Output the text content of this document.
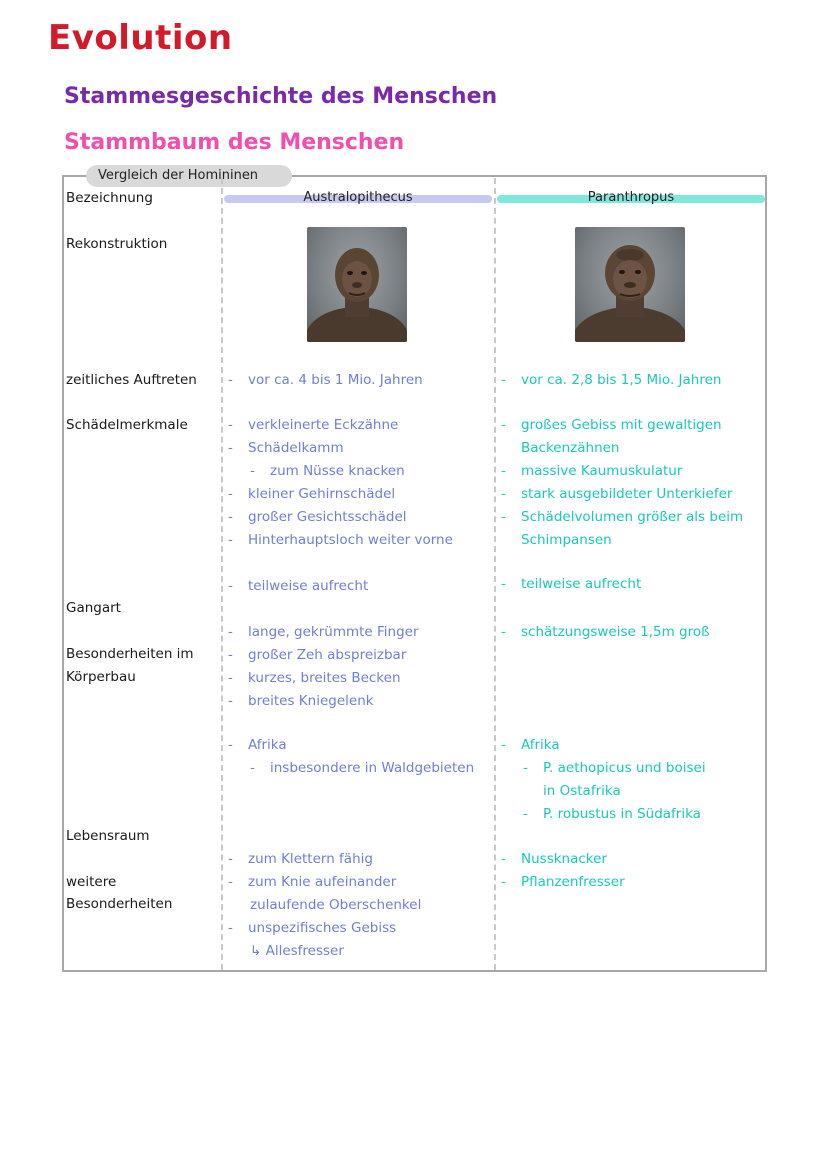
Evolution
Stammesgeschichte des Menschen
Stammbaum des Menschen
Vergleich der Homininen
Australopithecus	Paranthropus
Bezeichnung
Rekonstruktion
zeitliches Auftreten
Schädelmerkmale
Gangart
Besonderheiten im
Körperbau
Lebensraum
weitere
Besonderheiten
- vor ca. 4 bis 1 Mio. Jahren
- verkleinerte Eckzähne
- Schädelkamm
- zum Nüsse knacken
- kleiner Gehirnschädel
- großer Gesichtsschädel
- Hinterhauptsloch weiter vorne
- teilweise aufrecht
- lange, gekrümmte Finger
- großer Zeh abspreizbar
- kurzes, breites Becken
- breites Kniegelenk
- Afrika
- insbesondere in Waldgebieten
- zum Klettern fähig
- zum Knie aufeinander
zulaufende Oberschenkel
- unspezifisches Gebiss
↳ Allesfresser
- vor ca. 2,8 bis 1,5 Mio. Jahren
- großes Gebiss mit gewaltigen
Backenzähnen
- massive Kaumuskulatur
- stark ausgebildeter Unterkiefer
- Schädelvolumen größer als beim
Schimpansen
- teilweise aufrecht
- schätzungsweise 1,5m groß
- Afrika
- P. aethopicus und boisei
in Ostafrika
- P. robustus in Südafrika
- Nussknacker
- Pflanzenfresser
